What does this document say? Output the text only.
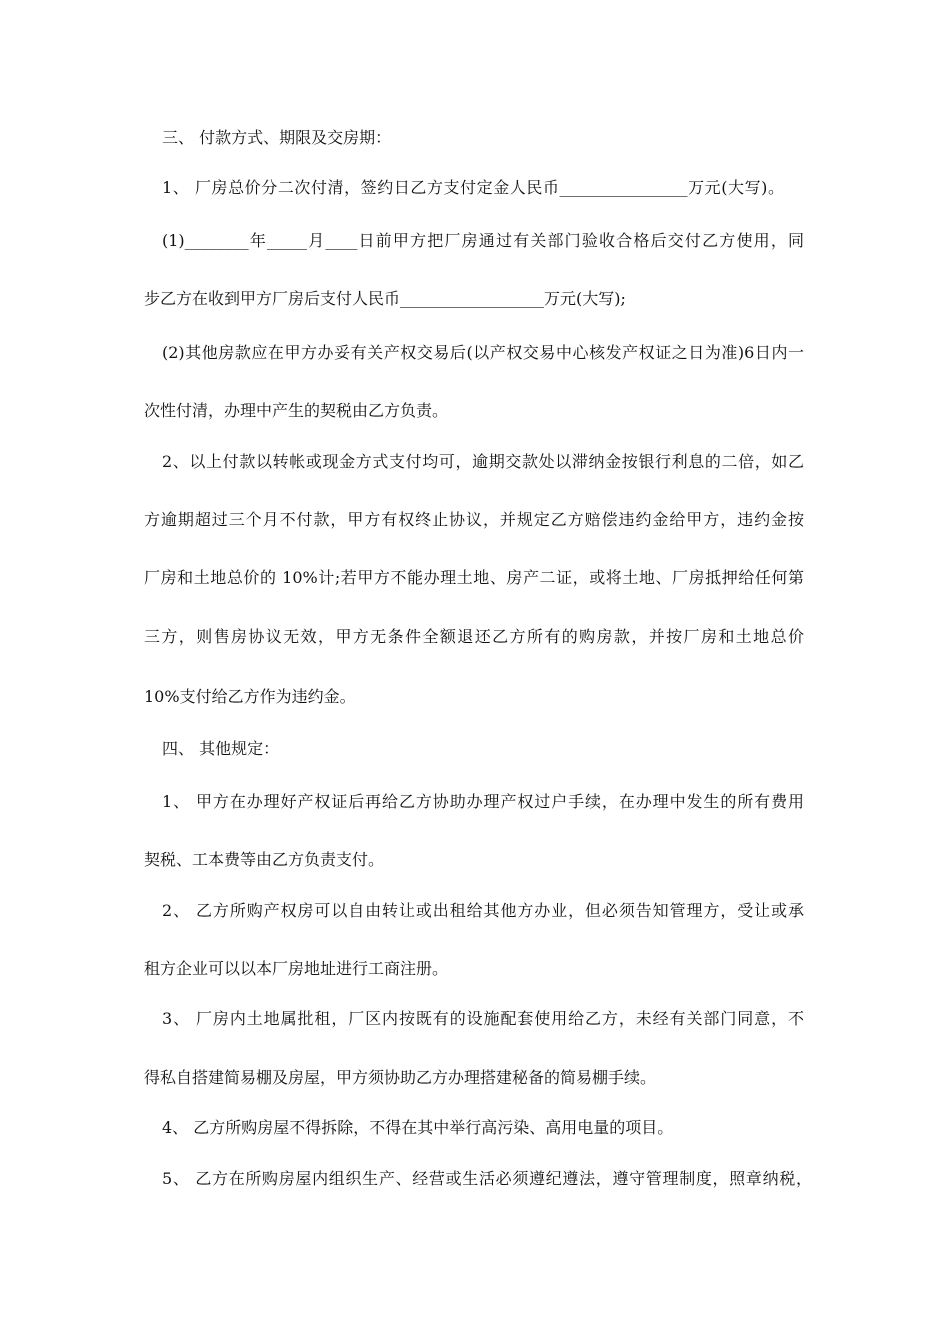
三、 付款方式、期限及交房期：
1、 厂房总价分二次付清，签约日乙方支付定金人民币________________万元(大写)。
(1)________年_____月____日前甲方把厂房通过有关部门验收合格后交付乙方使用，同
步乙方在收到甲方厂房后支付人民币__________________万元(大写);
(2)其他房款应在甲方办妥有关产权交易后(以产权交易中心核发产权证之日为准)6日内一
次性付清，办理中产生的契税由乙方负责。
2、以上付款以转帐或现金方式支付均可，逾期交款处以滞纳金按银行利息的二倍，如乙
方逾期超过三个月不付款，甲方有权终止协议，并规定乙方赔偿违约金给甲方，违约金按
厂房和土地总价的 10%计;若甲方不能办理土地、房产二证，或将土地、厂房抵押给任何第
三方，则售房协议无效，甲方无条件全额退还乙方所有的购房款，并按厂房和土地总价
10%支付给乙方作为违约金。
四、 其他规定：
1、 甲方在办理好产权证后再给乙方协助办理产权过户手续，在办理中发生的所有费用
契税、工本费等由乙方负责支付。
2、 乙方所购产权房可以自由转让或出租给其他方办业，但必须告知管理方，受让或承
租方企业可以以本厂房地址进行工商注册。
3、 厂房内土地属批租，厂区内按既有的设施配套使用给乙方，未经有关部门同意，不
得私自搭建简易棚及房屋，甲方须协助乙方办理搭建秘备的简易棚手续。
4、 乙方所购房屋不得拆除，不得在其中举行高污染、高用电量的项目。
5、 乙方在所购房屋内组织生产、经营或生活必须遵纪遵法，遵守管理制度，照章纳税，
